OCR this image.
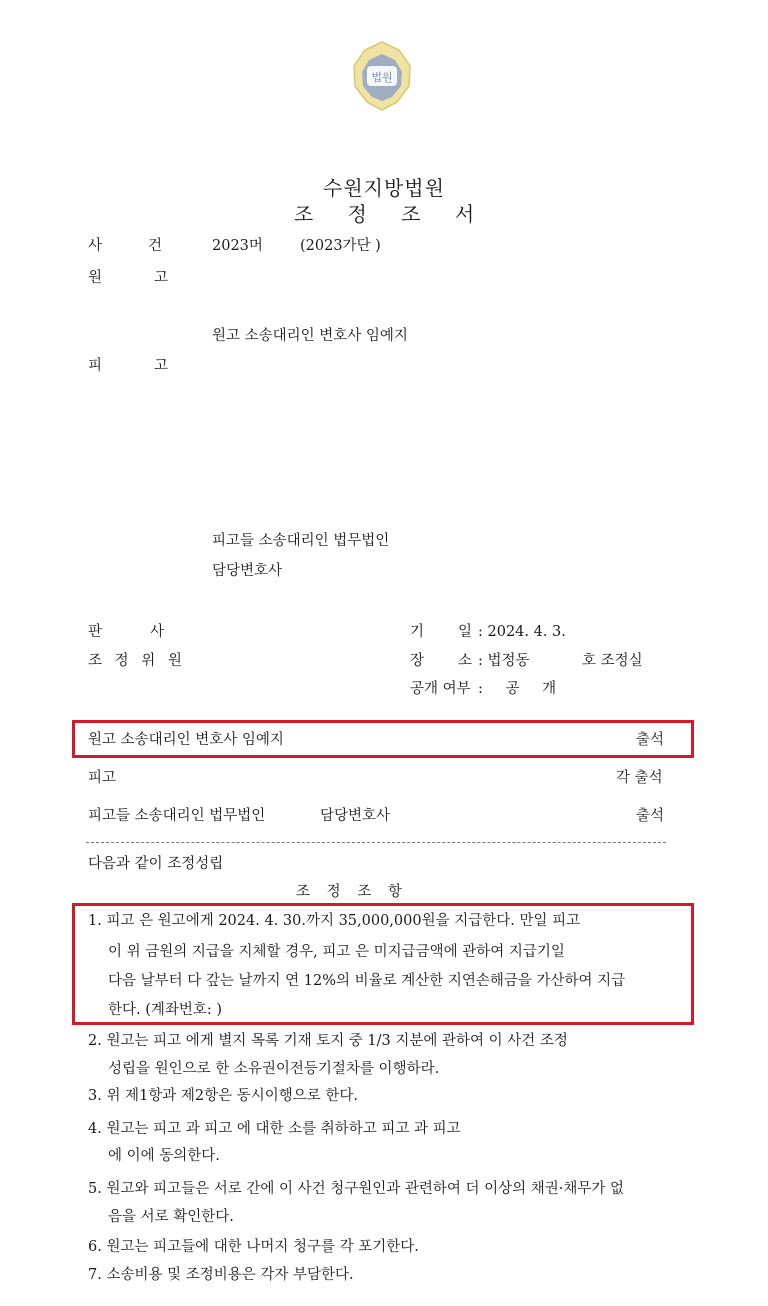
법원
수원지방법원
조 정 조 서
사	건	2023머	(2023가단 )
원	고
원고 소송대리인 변호사 임예지
피	고
피고들 소송대리인 법무법인
담당변호사
판	사
조 정 위 원
기 일 : 2024. 4. 3.
장 소 : 법정동	호 조정실
공개 여부 : 공 개
원고 소송대리인 변호사 임예지	출석
피고	각 출석
피고들 소송대리인 법무법인	담당변호사	출석
다음과 같이 조정성립
조 정 조 항
1. 피고 은 원고에게 2024. 4. 30.까지 35,000,000원을 지급한다. 만일 피고
이 위 금원의 지급을 지체할 경우, 피고 은 미지급금액에 관하여 지급기일
다음 날부터 다 갚는 날까지 연 12%의 비율로 계산한 지연손해금을 가산하여 지급
한다. (계좌번호: )
2. 원고는 피고 에게 별지 목록 기재 토지 중 1/3 지분에 관하여 이 사건 조정
성립을 원인으로 한 소유권이전등기절차를 이행하라.
3. 위 제1항과 제2항은 동시이행으로 한다.
4. 원고는 피고 과 피고 에 대한 소를 취하하고 피고 과 피고
에 이에 동의한다.
5. 원고와 피고들은 서로 간에 이 사건 청구원인과 관련하여 더 이상의 채권·채무가 없
음을 서로 확인한다.
6. 원고는 피고들에 대한 나머지 청구를 각 포기한다.
7. 소송비용 및 조정비용은 각자 부담한다.
